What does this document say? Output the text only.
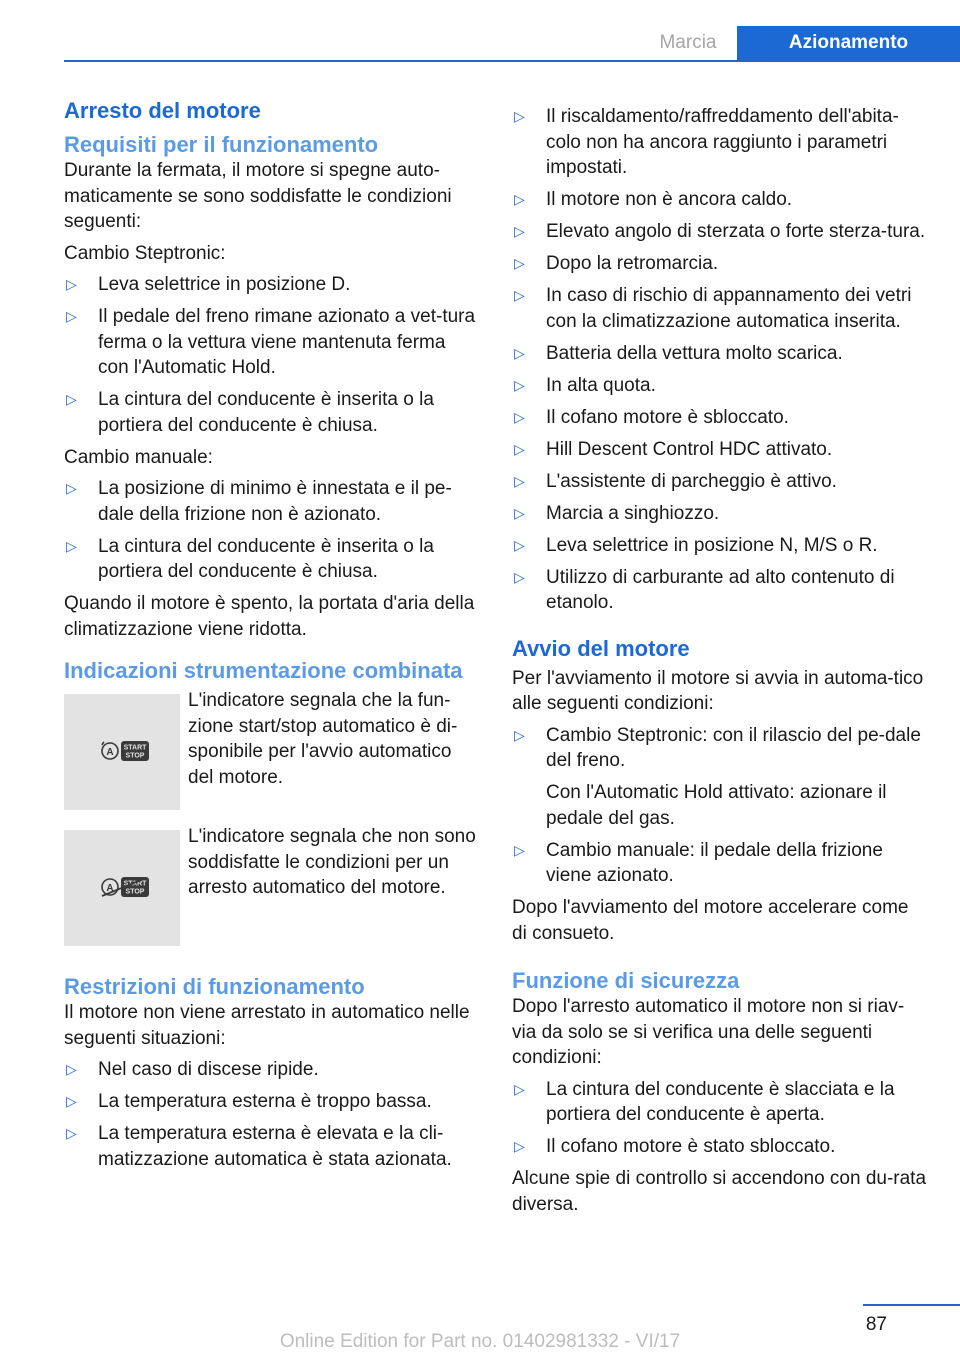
Marcia	Azionamento
Arresto del motore
Requisiti per il funzionamento

Durante la fermata, il motore si spegne auto-maticamente se sono soddisfatte le condizioni seguenti:

Cambio Steptronic:

▷ Leva selettrice in posizione D.
▷ Il pedale del freno rimane azionato a vet-tura ferma o la vettura viene mantenuta ferma con l'Automatic Hold.
▷ La cintura del conducente è inserita o la portiera del conducente è chiusa.

Cambio manuale:

▷ La posizione di minimo è innestata e il pe-dale della frizione non è azionato.
▷ La cintura del conducente è inserita o la portiera del conducente è chiusa.

Quando il motore è spento, la portata d'aria della climatizzazione viene ridotta.

Indicazioni strumentazione combinata
A START
STOP
L'indicatore segnala che la fun-zione start/stop automatico è di-sponibile per l'avvio automatico del motore.
A START
STOP
L'indicatore segnala che non sono soddisfatte le condizioni per un arresto automatico del motore.
Restrizioni di funzionamento

Il motore non viene arrestato in automatico nelle seguenti situazioni:

▷ Nel caso di discese ripide.
▷ La temperatura esterna è troppo bassa.
▷ La temperatura esterna è elevata e la cli-matizzazione automatica è stata azionata.
▷ Il riscaldamento/raffreddamento dell'abita-colo non ha ancora raggiunto i parametri impostati.
▷ Il motore non è ancora caldo.
▷ Elevato angolo di sterzata o forte sterza-tura.
▷ Dopo la retromarcia.
▷ In caso di rischio di appannamento dei vetri con la climatizzazione automatica inserita.
▷ Batteria della vettura molto scarica.
▷ In alta quota.
▷ Il cofano motore è sbloccato.
▷ Hill Descent Control HDC attivato.
▷ L'assistente di parcheggio è attivo.
▷ Marcia a singhiozzo.
▷ Leva selettrice in posizione N, M/S o R.
▷ Utilizzo di carburante ad alto contenuto di etanolo.
Avvio del motore

Per l'avviamento il motore si avvia in automa-tico alle seguenti condizioni:

▷ Cambio Steptronic: con il rilascio del pe-dale del freno.
Con l'Automatic Hold attivato: azionare il pedale del gas.
▷ Cambio manuale: il pedale della frizione viene azionato.

Dopo l'avviamento del motore accelerare come di consueto.

Funzione di sicurezza

Dopo l'arresto automatico il motore non si riav-via da solo se si verifica una delle seguenti condizioni:

▷ La cintura del conducente è slacciata e la portiera del conducente è aperta.
▷ Il cofano motore è stato sbloccato.

Alcune spie di controllo si accendono con du-rata diversa.

87
Online Edition for Part no. 01402981332 - VI/17
